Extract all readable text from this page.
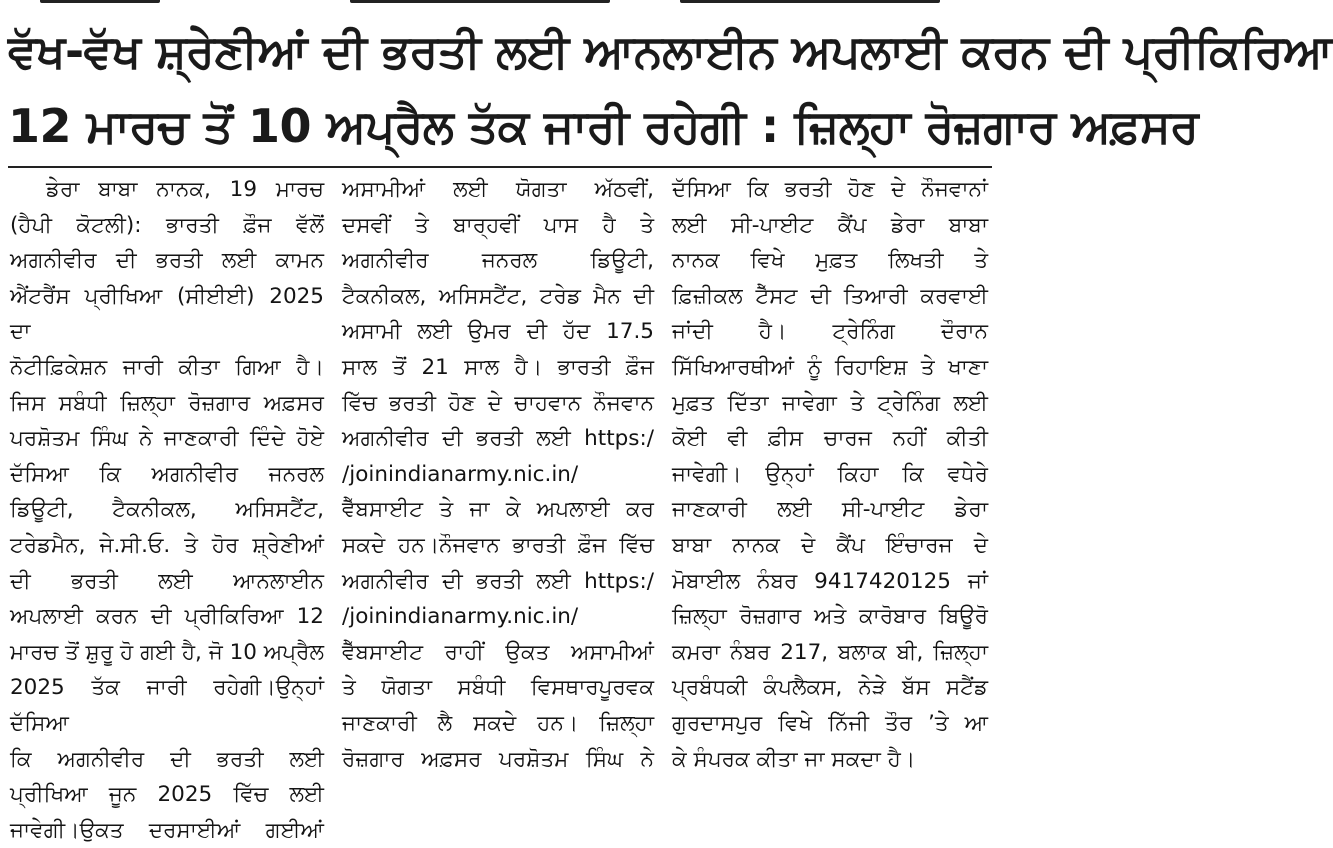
ਵੱਖ-ਵੱਖ ਸ਼੍ਰੇਣੀਆਂ ਦੀ ਭਰਤੀ ਲਈ ਆਨਲਾਈਨ ਅਪਲਾਈ ਕਰਨ ਦੀ ਪ੍ਰੀਕਿਰਿਆ
12 ਮਾਰਚ ਤੋਂ 10 ਅਪ੍ਰੈਲ ਤੱਕ ਜਾਰੀ ਰਹੇਗੀ : ਜ਼ਿਲ੍ਹਾ ਰੋਜ਼ਗਾਰ ਅਫ਼ਸਰ

ਡੇਰਾ ਬਾਬਾ ਨਾਨਕ, 19 ਮਾਰਚ

(ਹੈਪੀ ਕੋਟਲੀ): ਭਾਰਤੀ ਫ਼ੌਜ ਵੱਲੋਂ

ਅਗਨੀਵੀਰ ਦੀ ਭਰਤੀ ਲਈ ਕਾਮਨ

ਐਂਟਰੈਂਸ ਪ੍ਰੀਖਿਆ (ਸੀਈਈ) 2025 ਦਾ

ਨੋਟੀਫ਼ਿਕੇਸ਼ਨ ਜਾਰੀ ਕੀਤਾ ਗਿਆ ਹੈ।

ਜਿਸ ਸਬੰਧੀ ਜ਼ਿਲ੍ਹਾ ਰੋਜ਼ਗਾਰ ਅਫ਼ਸਰ

ਪਰਸ਼ੋਤਮ ਸਿੰਘ ਨੇ ਜਾਣਕਾਰੀ ਦਿੰਦੇ ਹੋਏ

ਦੱਸਿਆ ਕਿ ਅਗਨੀਵੀਰ ਜਨਰਲ

ਡਿਊਟੀ, ਟੈਕਨੀਕਲ, ਅਸਿਸਟੈਂਟ,

ਟਰੇਡਮੈਨ, ਜੇ.ਸੀ.ਓ. ਤੇ ਹੋਰ ਸ਼੍ਰੇਣੀਆਂ

ਦੀ ਭਰਤੀ ਲਈ ਆਨਲਾਈਨ

ਅਪਲਾਈ ਕਰਨ ਦੀ ਪ੍ਰੀਕਿਰਿਆ 12

ਮਾਰਚ ਤੋਂ ਸ਼ੁਰੂ ਹੋ ਗਈ ਹੈ, ਜੋ 10 ਅਪ੍ਰੈਲ

2025 ਤੱਕ ਜਾਰੀ ਰਹੇਗੀ।ਉਨ੍ਹਾਂ ਦੱਸਿਆ

ਕਿ ਅਗਨੀਵੀਰ ਦੀ ਭਰਤੀ ਲਈ

ਪ੍ਰੀਖਿਆ ਜੂਨ 2025 ਵਿੱਚ ਲਈ

ਜਾਵੇਗੀ।ਉਕਤ ਦਰਸਾਈਆਂ ਗਈਆਂ

ਅਸਾਮੀਆਂ ਲਈ ਯੋਗਤਾ ਅੱਠਵੀਂ,

ਦਸਵੀਂ ਤੇ ਬਾਰ੍ਹਵੀਂ ਪਾਸ ਹੈ ਤੇ

ਅਗਨੀਵੀਰ ਜਨਰਲ ਡਿਊਟੀ,

ਟੈਕਨੀਕਲ, ਅਸਿਸਟੈਂਟ, ਟਰੇਡ ਮੈਨ ਦੀ

ਅਸਾਮੀ ਲਈ ਉਮਰ ਦੀ ਹੱਦ 17.5

ਸਾਲ ਤੋਂ 21 ਸਾਲ ਹੈ। ਭਾਰਤੀ ਫ਼ੌਜ

ਵਿੱਚ ਭਰਤੀ ਹੋਣ ਦੇ ਚਾਹਵਾਨ ਨੌਜਵਾਨ

ਅਗਨੀਵੀਰ ਦੀ ਭਰਤੀ ਲਈ https:/

/joinindianarmy.nic.in/

ਵੈੱਬਸਾਈਟ ਤੇ ਜਾ ਕੇ ਅਪਲਾਈ ਕਰ

ਸਕਦੇ ਹਨ।ਨੌਜਵਾਨ ਭਾਰਤੀ ਫ਼ੌਜ ਵਿੱਚ

ਅਗਨੀਵੀਰ ਦੀ ਭਰਤੀ ਲਈ https:/

/joinindianarmy.nic.in/

ਵੈੱਬਸਾਈਟ ਰਾਹੀਂ ਉਕਤ ਅਸਾਮੀਆਂ

ਤੇ ਯੋਗਤਾ ਸਬੰਧੀ ਵਿਸਥਾਰਪੂਰਵਕ

ਜਾਣਕਾਰੀ ਲੈ ਸਕਦੇ ਹਨ। ਜ਼ਿਲ੍ਹਾ

ਰੋਜ਼ਗਾਰ ਅਫ਼ਸਰ ਪਰਸ਼ੋਤਮ ਸਿੰਘ ਨੇ

ਦੱਸਿਆ ਕਿ ਭਰਤੀ ਹੋਣ ਦੇ ਨੌਜਵਾਨਾਂ

ਲਈ ਸੀ-ਪਾਈਟ ਕੈਂਪ ਡੇਰਾ ਬਾਬਾ

ਨਾਨਕ ਵਿਖੇ ਮੁਫ਼ਤ ਲਿਖਤੀ ਤੇ

ਫ਼ਿਜ਼ੀਕਲ ਟੈੱਸਟ ਦੀ ਤਿਆਰੀ ਕਰਵਾਈ

ਜਾਂਦੀ ਹੈ। ਟ੍ਰੇਨਿੰਗ ਦੌਰਾਨ

ਸਿੱਖਿਆਰਥੀਆਂ ਨੂੰ ਰਿਹਾਇਸ਼ ਤੇ ਖਾਣਾ

ਮੁਫ਼ਤ ਦਿੱਤਾ ਜਾਵੇਗਾ ਤੇ ਟ੍ਰੇਨਿੰਗ ਲਈ

ਕੋਈ ਵੀ ਫ਼ੀਸ ਚਾਰਜ ਨਹੀਂ ਕੀਤੀ

ਜਾਵੇਗੀ। ਉਨ੍ਹਾਂ ਕਿਹਾ ਕਿ ਵਧੇਰੇ

ਜਾਣਕਾਰੀ ਲਈ ਸੀ-ਪਾਈਟ ਡੇਰਾ

ਬਾਬਾ ਨਾਨਕ ਦੇ ਕੈਂਪ ਇੰਚਾਰਜ ਦੇ

ਮੋਬਾਈਲ ਨੰਬਰ 9417420125 ਜਾਂ

ਜ਼ਿਲ੍ਹਾ ਰੋਜ਼ਗਾਰ ਅਤੇ ਕਾਰੋਬਾਰ ਬਿਊਰੋ

ਕਮਰਾ ਨੰਬਰ 217, ਬਲਾਕ ਬੀ, ਜ਼ਿਲ੍ਹਾ

ਪ੍ਰਬੰਧਕੀ ਕੰਪਲੈਕਸ, ਨੇੜੇ ਬੱਸ ਸਟੈਂਡ

ਗੁਰਦਾਸਪੁਰ ਵਿਖੇ ਨਿੱਜੀ ਤੌਰ ’ਤੇ ਆ

ਕੇ ਸੰਪਰਕ ਕੀਤਾ ਜਾ ਸਕਦਾ ਹੈ।
